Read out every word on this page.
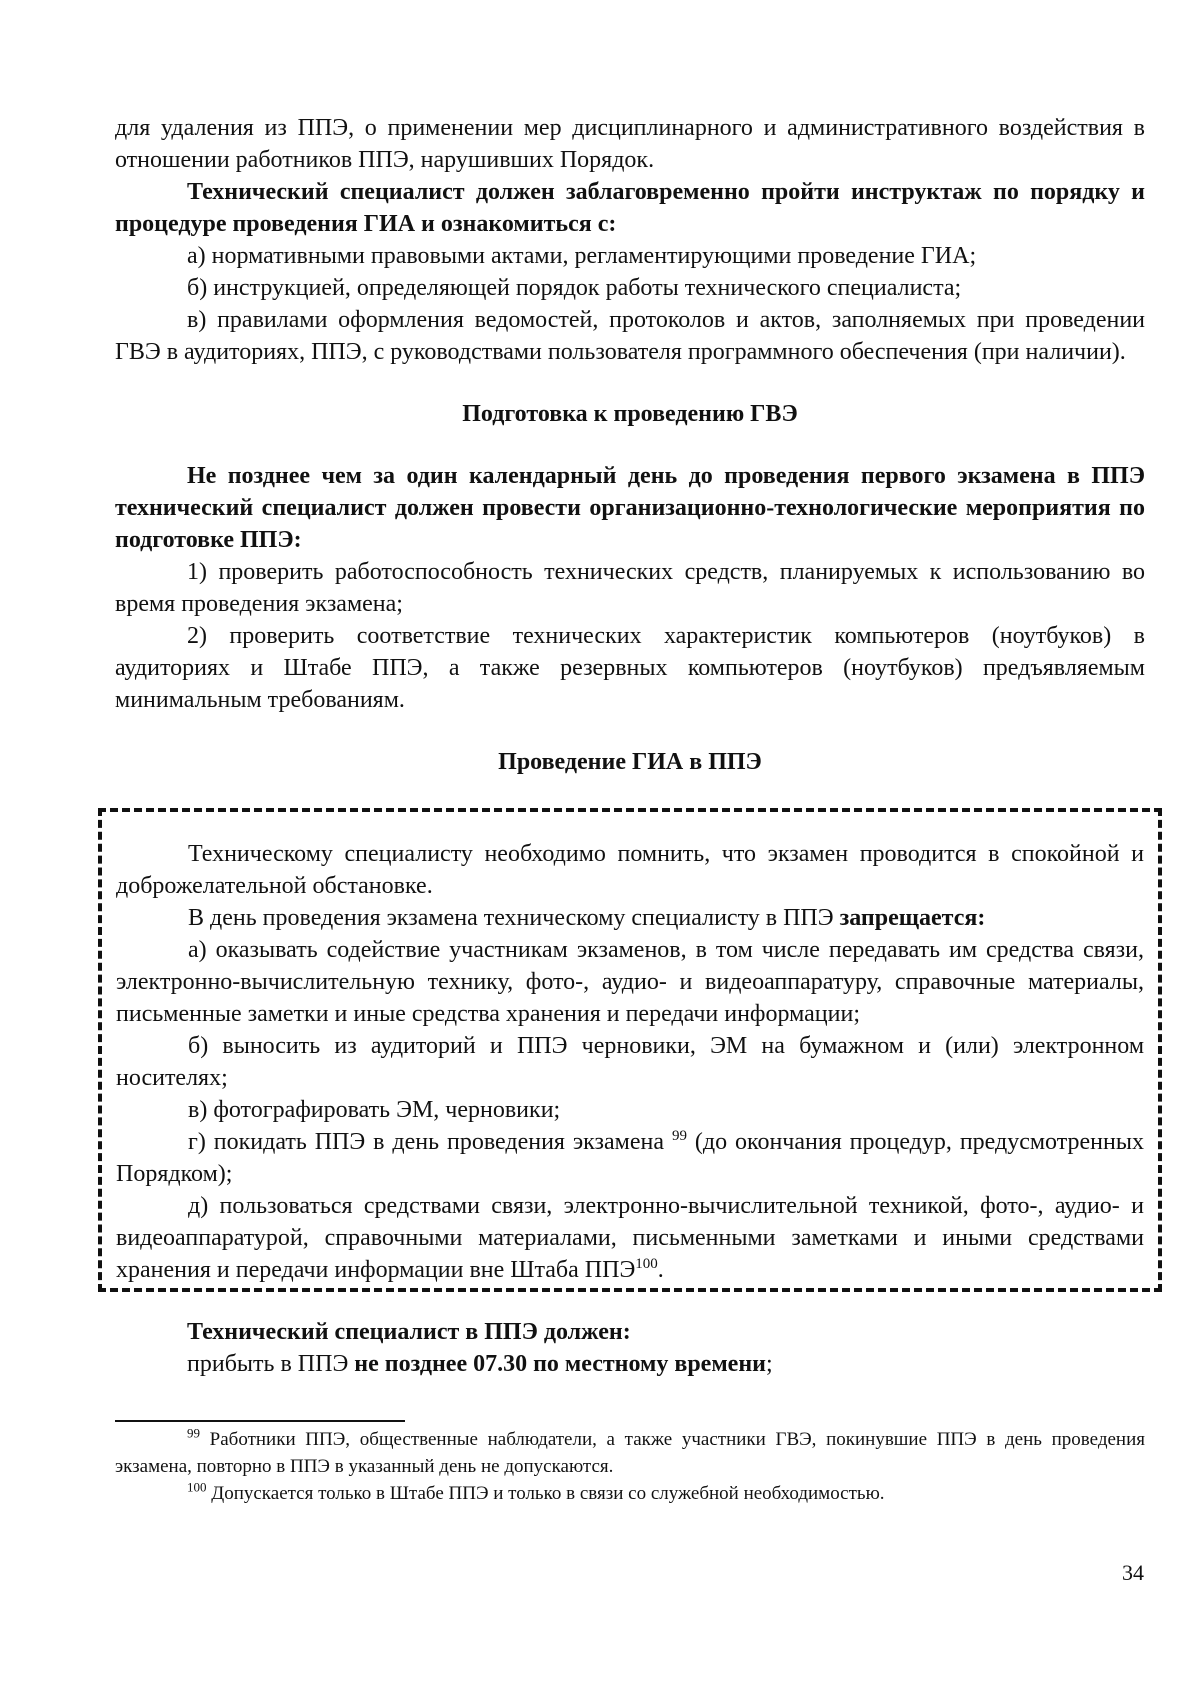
для удаления из ППЭ, о применении мер дисциплинарного и административного воздействия в отношении работников ППЭ, нарушивших Порядок.

Технический специалист должен заблаговременно пройти инструктаж по порядку и процедуре проведения ГИА и ознакомиться с:

а) нормативными правовыми актами, регламентирующими проведение ГИА;

б) инструкцией, определяющей порядок работы технического специалиста;

в) правилами оформления ведомостей, протоколов и актов, заполняемых при проведении ГВЭ в аудиториях, ППЭ, с руководствами пользователя программного обеспечения (при наличии).

Подготовка к проведению ГВЭ

Не позднее чем за один календарный день до проведения первого экзамена в ППЭ технический специалист должен провести организационно-технологические мероприятия по подготовке ППЭ:

1) проверить работоспособность технических средств, планируемых к использованию во время проведения экзамена;

2) проверить соответствие технических характеристик компьютеров (ноутбуков) в аудиториях и Штабе ППЭ, а также резервных компьютеров (ноутбуков) предъявляемым минимальным требованиям.

Проведение ГИА в ППЭ

Техническому специалисту необходимо помнить, что экзамен проводится в спокойной и доброжелательной обстановке.

В день проведения экзамена техническому специалисту в ППЭ запрещается:

а) оказывать содействие участникам экзаменов, в том числе передавать им средства связи, электронно-вычислительную технику, фото-, аудио- и видеоаппаратуру, справочные материалы, письменные заметки и иные средства хранения и передачи информации;

б) выносить из аудиторий и ППЭ черновики, ЭМ на бумажном и (или) электронном носителях;

в) фотографировать ЭМ, черновики;

г) покидать ППЭ в день проведения экзамена $^{99}$ (до окончания процедур, предусмотренных Порядком);

д) пользоваться средствами связи, электронно-вычислительной техникой, фото-, аудио- и видеоаппаратурой, справочными материалами, письменными заметками и иными средствами хранения и передачи информации вне Штаба ППЭ$^{100}$.

Технический специалист в ППЭ должен:

прибыть в ППЭ не позднее 07.30 по местному времени;

$^{99}$ Работники ППЭ, общественные наблюдатели, а также участники ГВЭ, покинувшие ППЭ в день проведения экзамена, повторно в ППЭ в указанный день не допускаются.

$^{100}$ Допускается только в Штабе ППЭ и только в связи со служебной необходимостью.

34
